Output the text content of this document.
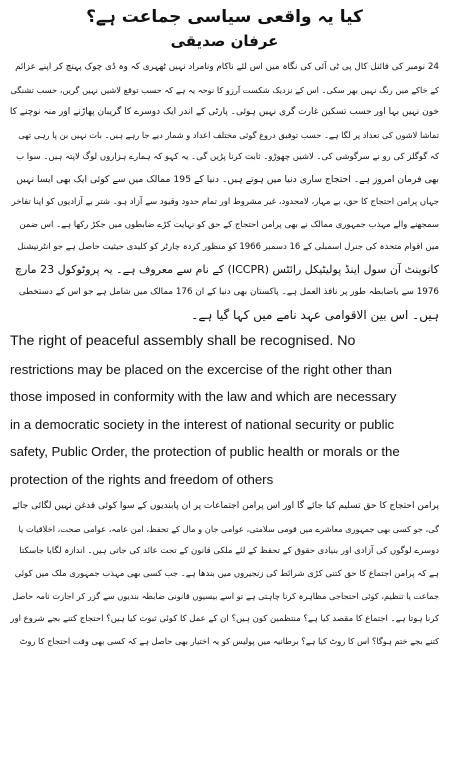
کیا یہ واقعی سیاسی جماعت ہے؟
عرفان صدیقی
24 نومبر کی فائنل کال پی ٹی آئی کی نگاہ میں اس لئے ناکام ونامراد نہیں ٹھہری کہ وہ ڈی چوک پہنچ کر اپنے عزائم
کے خاکے میں رنگ نہیں بھر سکی۔ اس کے نزدیک شکست آرزو کا نوحہ یہ ہے کہ حسب توقع لاشیں نہیں گریں، حسب تشنگی
خون نہیں بہا اور حسب تسکین غارت گری نہیں ہوئی۔ پارٹی کے اندر ایک دوسرے کا گریبان پھاڑنے اور منہ نوچنے کا
تماشا لاشوں کی تعداد پر لگا ہے۔ حسب توفیق دروغ گوئی مختلف اعداد و شمار دیے جا رہے ہیں۔ بات نہیں بن پا رہی تھی
کہ گوگلز کی رو نے سرگوشی کی۔ لاشیں چھوڑو۔ ثابت کرنا پڑیں گی۔ یہ کہو کہ ہمارے ہزاروں لوگ لاپتہ ہیں۔ سوا ب
بھی فرمان امروز ہے۔ احتجاج ساری دنیا میں ہوتے ہیں۔ دنیا کے 195 ممالک میں سے کوئی ایک بھی ایسا نہیں
جہاں پرامن احتجاج کا حق، بے مہار، لامحدود، غیر مشروط اور تمام حدود وقیود سے آزاد ہو۔ شتر بے آزادیوں کو اپنا تفاخر
سمجھنے والے مہذب جمہوری ممالک نے بھی پرامن احتجاج کے حق کو نہایت کڑے ضابطوں میں جکڑ رکھا ہے۔ اس ضمن
میں اقوام متحدہ کی جنرل اسمبلی کے 16 دسمبر 1966 کو منظور کردہ چارٹر کو کلیدی حیثیت حاصل ہے جو انٹرنیشنل
کانوینٹ آن سول اینڈ پولیٹیکل رائٹس (ICCPR) کے نام سے معروف ہے۔ یہ پروٹوکول 23 مارچ
1976 سے باضابطہ طور پر نافذ العمل ہے۔ پاکستان بھی دنیا کے ان 176 ممالک میں شامل ہے جو اس کے دستخطی
ہیں۔ اس بین الاقوامی عہد نامے میں کہا گیا ہے۔
The right of peaceful assembly shall be recognised. No
restrictions may be placed on the excercise of the right other than
those imposed in conformity with the law and which are necessary
in a democratic society in the interest of national security or public
safety, Public Order, the protection of public health or morals or the
protection of the rights and freedom of others
پرامن احتجاج کا حق تسلیم کیا جائے گا اور اس پرامن اجتماعات پر ان پابندیوں کے سوا کوئی قدغن نہیں لگائی جائے
گی، جو کسی بھی جمہوری معاشرے میں قومی سلامتی، عوامی جان و مال کے تحفظ، امن عامہ، عوامی صحت، اخلاقیات یا
دوسرے لوگوں کی آزادی اور بنیادی حقوق کے تحفظ کے لئے ملکی قانون کے تحت عائد کی جاتی ہیں۔ اندازہ لگایا جاسکتا
ہے کہ پرامن اجتماع کا حق کتنی کڑی شرائط کی زنجیروں میں بندھا ہے۔ جب کسی بھی مہذب جمہوری ملک میں کوئی
جماعت یا تنظیم، کوئی احتجاجی مظاہرہ کرنا چاہتی ہے تو اسے بیسیوں قانونی ضابطہ بندیوں سے گزر کر اجازت نامہ حاصل
کرنا ہوتا ہے۔ اجتماع کا مقصد کیا ہے؟ منتظمین کون ہیں؟ ان کے عمل کا کوئی ثبوت کیا ہیں؟ احتجاج کتنے بجے شروع اور
کتنے بجے ختم ہوگا؟ اس کا روٹ کیا ہے؟ برطانیہ میں پولیس کو یہ اختیار بھی حاصل ہے کہ کسی بھی وقت احتجاج کا روٹ
